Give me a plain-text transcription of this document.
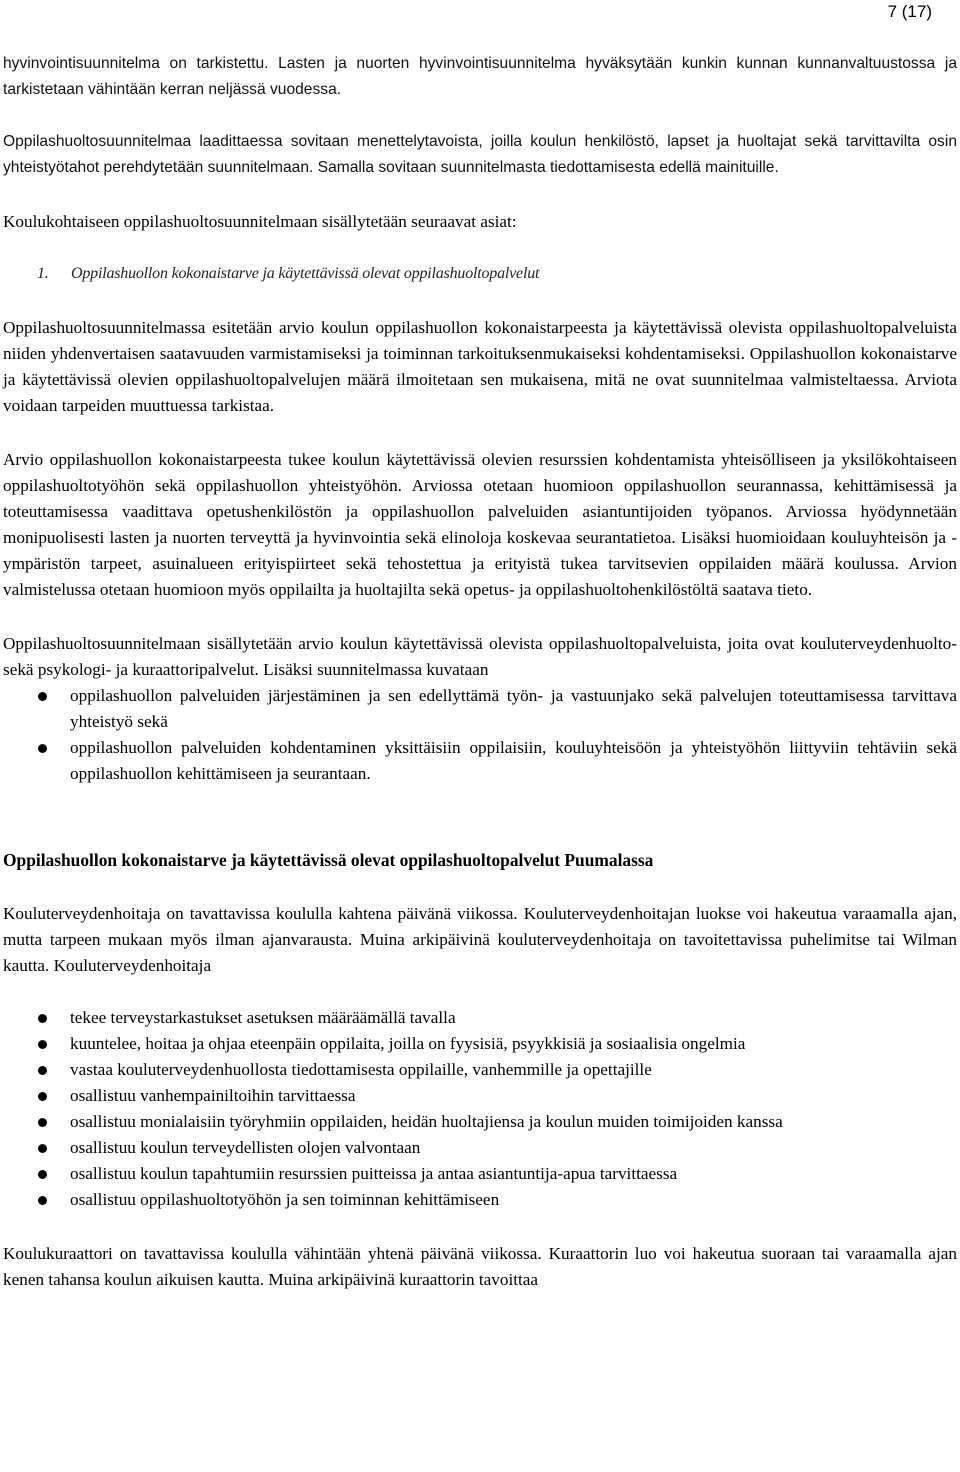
7 (17)

hyvinvointisuunnitelma on tarkistettu. Lasten ja nuorten hyvinvointisuunnitelma hyväksytään kunkin kunnan kunnanvaltuustossa ja tarkistetaan vähintään kerran neljässä vuodessa.

Oppilashuoltosuunnitelmaa laadittaessa sovitaan menettelytavoista, joilla koulun henkilöstö, lapset ja huoltajat sekä tarvittavilta osin yhteistyötahot perehdytetään suunnitelmaan. Samalla sovitaan suunnitelmasta tiedottamisesta edellä mainituille.

Koulukohtaiseen oppilashuoltosuunnitelmaan sisällytetään seuraavat asiat:

1. Oppilashuollon kokonaistarve ja käytettävissä olevat oppilashuoltopalvelut

Oppilashuoltosuunnitelmassa esitetään arvio koulun oppilashuollon kokonaistarpeesta ja käytettävissä olevista oppilashuoltopalveluista niiden yhdenvertaisen saatavuuden varmistamiseksi ja toiminnan tarkoituksenmukaiseksi kohdentamiseksi. Oppilashuollon kokonaistarve ja käytettävissä olevien oppilashuoltopalvelujen määrä ilmoitetaan sen mukaisena, mitä ne ovat suunnitelmaa valmisteltaessa. Arviota voidaan tarpeiden muuttuessa tarkistaa.

Arvio oppilashuollon kokonaistarpeesta tukee koulun käytettävissä olevien resurssien kohdentamista yhteisölliseen ja yksilökohtaiseen oppilashuoltotyöhön sekä oppilashuollon yhteistyöhön. Arviossa otetaan huomioon oppilashuollon seurannassa, kehittämisessä ja toteuttamisessa vaadittava opetushenkilöstön ja oppilashuollon palveluiden asiantuntijoiden työpanos. Arviossa hyödynnetään monipuolisesti lasten ja nuorten terveyttä ja hyvinvointia sekä elinoloja koskevaa seurantatietoa. Lisäksi huomioidaan kouluyhteisön ja -ympäristön tarpeet, asuinalueen erityispiirteet sekä tehostettua ja erityistä tukea tarvitsevien oppilaiden määrä koulussa. Arvion valmistelussa otetaan huomioon myös oppilailta ja huoltajilta sekä opetus- ja oppilashuoltohenkilöstöltä saatava tieto.

Oppilashuoltosuunnitelmaan sisällytetään arvio koulun käytettävissä olevista oppilashuoltopalveluista, joita ovat kouluterveydenhuolto- sekä psykologi- ja kuraattoripalvelut. Lisäksi suunnitelmassa kuvataan

oppilashuollon palveluiden järjestäminen ja sen edellyttämä työn- ja vastuunjako sekä palvelujen toteuttamisessa tarvittava yhteistyö sekä
oppilashuollon palveluiden kohdentaminen yksittäisiin oppilaisiin, kouluyhteisöön ja yhteistyöhön liittyviin tehtäviin sekä oppilashuollon kehittämiseen ja seurantaan.
Oppilashuollon kokonaistarve ja käytettävissä olevat oppilashuoltopalvelut Puumalassa

Kouluterveydenhoitaja on tavattavissa koululla kahtena päivänä viikossa. Kouluterveydenhoitajan luokse voi hakeutua varaamalla ajan, mutta tarpeen mukaan myös ilman ajanvarausta. Muina arkipäivinä kouluterveydenhoitaja on tavoitettavissa puhelimitse tai Wilman kautta. Kouluterveydenhoitaja

tekee terveystarkastukset asetuksen määräämällä tavalla
kuuntelee, hoitaa ja ohjaa eteenpäin oppilaita, joilla on fyysisiä, psyykkisiä ja sosiaalisia ongelmia
vastaa kouluterveydenhuollosta tiedottamisesta oppilaille, vanhemmille ja opettajille
osallistuu vanhempainiltoihin tarvittaessa
osallistuu monialaisiin työryhmiin oppilaiden, heidän huoltajiensa ja koulun muiden toimijoiden kanssa
osallistuu koulun terveydellisten olojen valvontaan
osallistuu koulun tapahtumiin resurssien puitteissa ja antaa asiantuntija-apua tarvittaessa
osallistuu oppilashuoltotyöhön ja sen toiminnan kehittämiseen

Koulukuraattori on tavattavissa koululla vähintään yhtenä päivänä viikossa. Kuraattorin luo voi hakeutua suoraan tai varaamalla ajan kenen tahansa koulun aikuisen kautta. Muina arkipäivinä kuraattorin tavoittaa
